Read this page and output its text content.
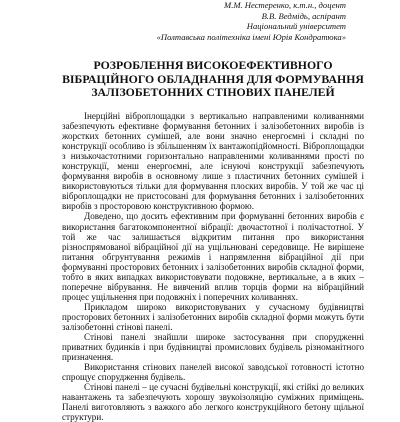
М.М. Нестеренко, к.т.н., доцент
В.В. Ведмідь, аспірант
Національний університет
«Полтавська політехніка імені Юрія Кондратюка»
РОЗРОБЛЕННЯ ВИСОКОЕФЕКТИВНОГО
ВІБРАЦІЙНОГО ОБЛАДНАННЯ ДЛЯ ФОРМУВАННЯ
ЗАЛІЗОБЕТОННИХ СТІНОВИХ ПАНЕЛЕЙ

Інерційні віброплощадки з вертикально направленими коливаннями забезпечують ефективне формування бетонних і залізобетонних виробів із жорстких бетонних сумішей, але вони значно енергоємні і складні по конструкції особливо із збільшенням їх вантажопідйомності. Віброплощадки з низькочастотними горизонтально направленими коливаннями прості по конструкції, менш енергоємні, але існуючі конструкції забезпечують формування виробів в основному лише з пластичних бетонних сумішей і використовуються тільки для формування плоских виробів. У той же час ці віброплощадки не пристосовані для формування бетонних і залізобетонних виробів з просторовою конструктивною формою.

Доведено, що досить ефективним при формуванні бетонних виробів є використання багатокомпонентної вібрації: двочастотної і полічастотної. У той же час залишається відкритим питання про використання різноспрямованої вібраційної дії на ущільнювані середовище. Не вирішене питання обгрунтування режимів і напрямлення вібраційної дії при формуванні просторових бетонних і залізобетонних виробів складної форми, тобто в яких випадках використовувати подовжне, вертикальне, а в яких – поперечне вібрування. Не вивчений вплив торців форми на вібраційний процес ущільнення при подовжніх і поперечних коливаннях.

Прикладом широко використовуваних у сучасному будівництві просторових бетонних і залізобетонних виробів складної форми можуть бути залізобетонні стінові панелі.

Стінові панелі знайшли широке застосування при спорудженні приватних будинків і при будівництві промислових будівель різноманітного призначення.

Використання стінових панелей високої заводської готовності істотно спрощує спорудження будівель.

Стінові панелі – це сучасні будівельні конструкції, які стійкі до великих навантажень та забезпечують хорошу звукоізоляцію суміжних приміщень. Панелі виготовляють з важкого або легкого конструкційного бетону щільної структури.
